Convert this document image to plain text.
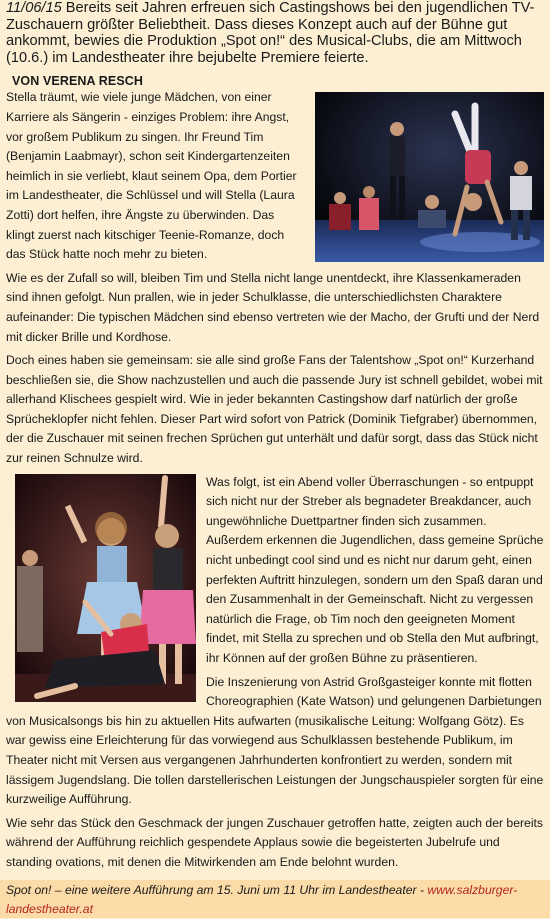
11/06/15 Bereits seit Jahren erfreuen sich Castingshows bei den jugendlichen TV-Zuschauern größter Beliebtheit. Dass dieses Konzept auch auf der Bühne gut ankommt, bewies die Produktion „Spot on!“ des Musical-Clubs, die am Mittwoch (10.6.) im Landestheater ihre bejubelte Premiere feierte.

VON VERENA RESCH

Stella träumt, wie viele junge Mädchen, von einer Karriere als Sängerin - einziges Problem: ihre Angst, vor großem Publikum zu singen. Ihr Freund Tim (Benjamin Laabmayr), schon seit Kindergartenzeiten heimlich in sie verliebt, klaut seinem Opa, dem Portier im Landestheater, die Schlüssel und will Stella (Laura Zotti) dort helfen, ihre Ängste zu überwinden. Das klingt zuerst nach kitschiger Teenie-Romanze, doch das Stück hatte noch mehr zu bieten.

Wie es der Zufall so will, bleiben Tim und Stella nicht lange unentdeckt, ihre Klassenkameraden sind ihnen gefolgt. Nun prallen, wie in jeder Schulklasse, die unterschiedlichsten Charaktere aufeinander: Die typischen Mädchen sind ebenso vertreten wie der Macho, der Grufti und der Nerd mit dicker Brille und Kordhose.

Doch eines haben sie gemeinsam: sie alle sind große Fans der Talentshow „Spot on!“ Kurzerhand beschließen sie, die Show nachzustellen und auch die passende Jury ist schnell gebildet, wobei mit allerhand Klischees gespielt wird. Wie in jeder bekannten Castingshow darf natürlich der große Sprücheklopfer nicht fehlen. Dieser Part wird sofort von Patrick (Dominik Tiefgraber) übernommen, der die Zuschauer mit seinen frechen Sprüchen gut unterhält und dafür sorgt, dass das Stück nicht zur reinen Schnulze wird.

Was folgt, ist ein Abend voller Überraschungen - so entpuppt sich nicht nur der Streber als begnadeter Breakdancer, auch ungewöhnliche Duettpartner finden sich zusammen. Außerdem erkennen die Jugendlichen, dass gemeine Sprüche nicht unbedingt cool sind und es nicht nur darum geht, einen perfekten Auftritt hinzulegen, sondern um den Spaß daran und den Zusammenhalt in der Gemeinschaft. Nicht zu vergessen natürlich die Frage, ob Tim noch den geeigneten Moment findet, mit Stella zu sprechen und ob Stella den Mut aufbringt, ihr Können auf der großen Bühne zu präsentieren.

Die Inszenierung von Astrid Großgasteiger konnte mit flotten Choreographien (Kate Watson) und gelungenen Darbietungen von Musicalsongs bis hin zu aktuellen Hits aufwarten (musikalische Leitung: Wolfgang Götz). Es war gewiss eine Erleichterung für das vorwiegend aus Schulklassen bestehende Publikum, im Theater nicht mit Versen aus vergangenen Jahrhunderten konfrontiert zu werden, sondern mit lässigem Jugendslang. Die tollen darstellerischen Leistungen der Jungschauspieler sorgten für eine kurzweilige Aufführung.

Wie sehr das Stück den Geschmack der jungen Zuschauer getroffen hatte, zeigten auch der bereits während der Aufführung reichlich gespendete Applaus sowie die begeisterten Jubelrufe und standing ovations, mit denen die Mitwirkenden am Ende belohnt wurden.

Spot on! – eine weitere Aufführung am 15. Juni um 11 Uhr im Landestheater - www.salzburger-landestheater.at
